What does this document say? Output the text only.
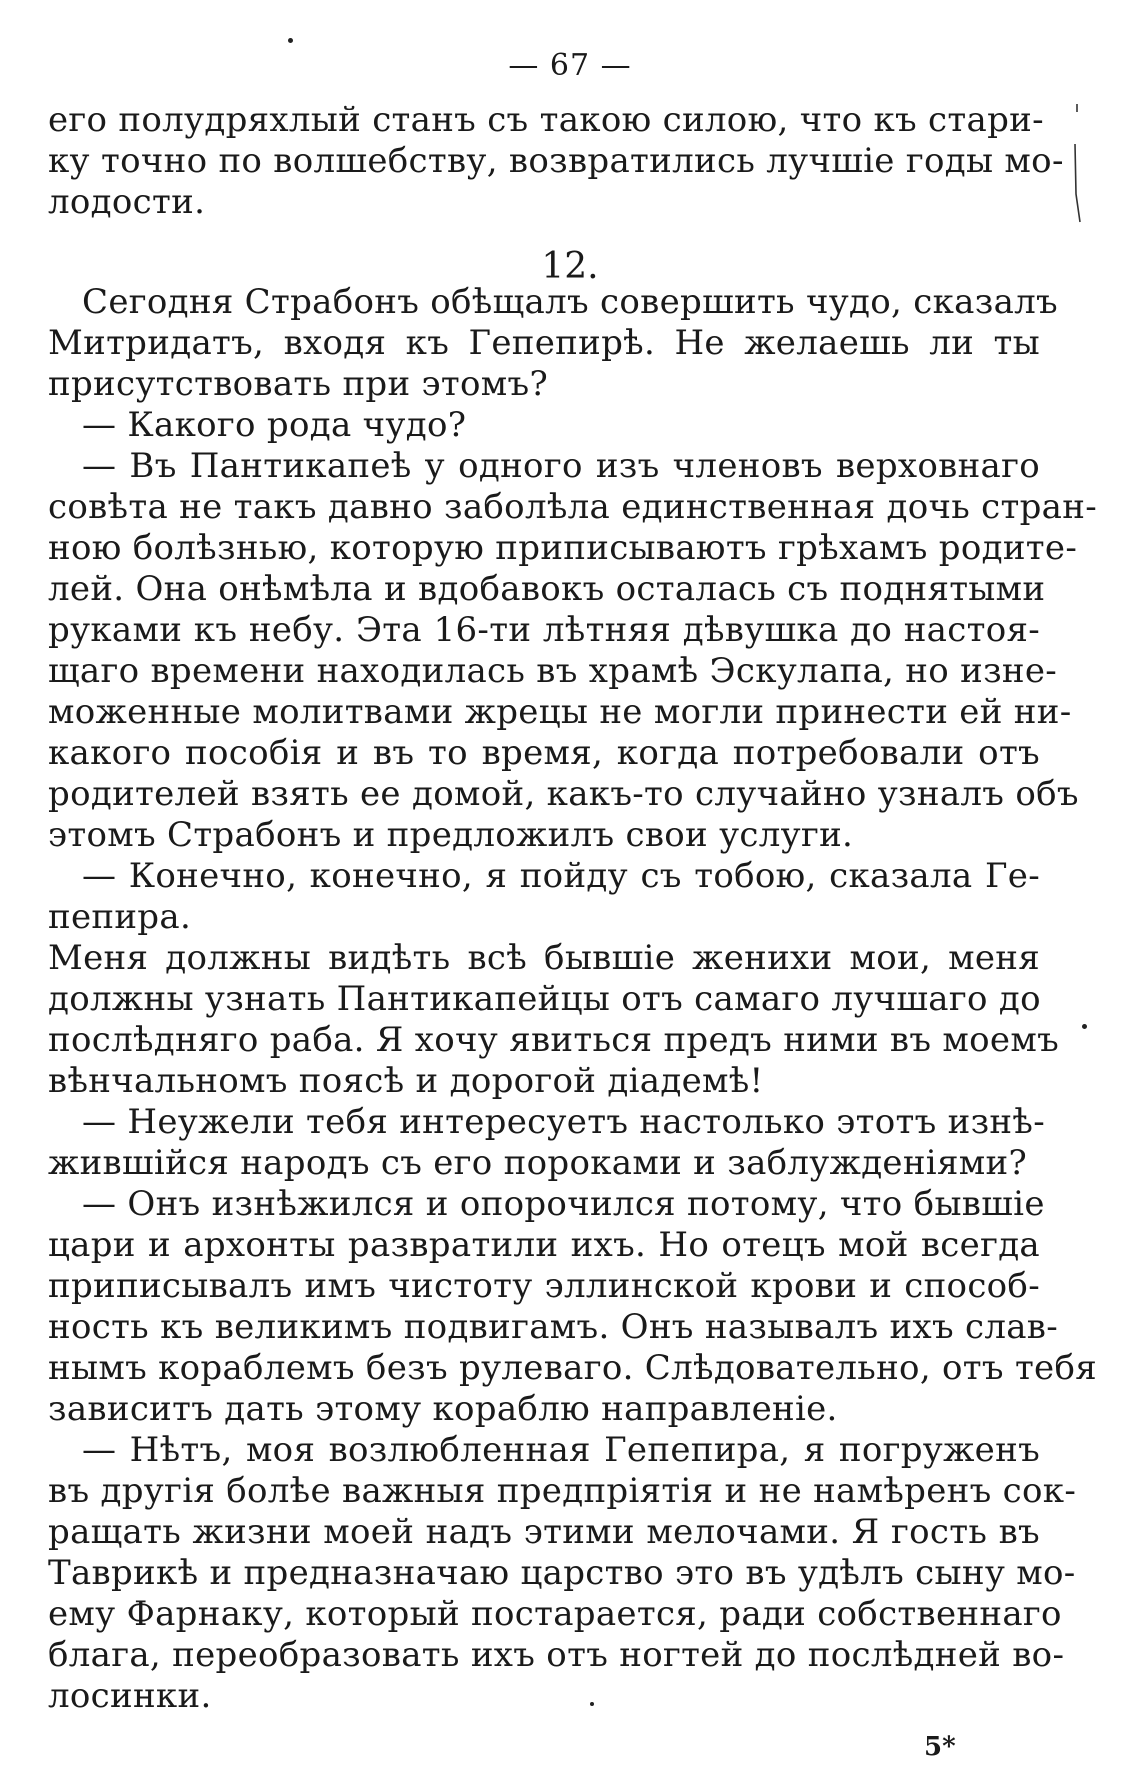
— 67 —
его полудряхлый станъ съ такою силою, что къ стари-
ку точно по волшебству, возвратились лучшіе годы мо-
лодости.
12.
Сегодня Страбонъ обѣщалъ совершить чудо, сказалъ
Митридатъ, входя къ Гепепирѣ. Не желаешь ли ты
присутствовать при этомъ?
— Какого рода чудо?
— Въ Пантикапеѣ у одного изъ членовъ верховнаго
совѣта не такъ давно заболѣла единственная дочь стран-
ною болѣзнью, которую приписываютъ грѣхамъ родите-
лей. Она онѣмѣла и вдобавокъ осталась съ поднятыми
руками къ небу. Эта 16-ти лѣтняя дѣвушка до настоя-
щаго времени находилась въ храмѣ Эскулапа, но изне-
моженные молитвами жрецы не могли принести ей ни-
какого пособія и въ то время, когда потребовали отъ
родителей взять ее домой, какъ-то случайно узналъ объ
этомъ Страбонъ и предложилъ свои услуги.
— Конечно, конечно, я пойду съ тобою, сказала Ге-
пепира.
Меня должны видѣть всѣ бывшіе женихи мои, меня
должны узнать Пантикапейцы отъ самаго лучшаго до
послѣдняго раба. Я хочу явиться предъ ними въ моемъ
вѣнчальномъ поясѣ и дорогой діадемѣ!
— Неужели тебя интересуетъ настолько этотъ изнѣ-
жившійся народъ съ его пороками и заблужденіями?
— Онъ изнѣжился и опорочился потому, что бывшіе
цари и архонты развратили ихъ. Но отецъ мой всегда
приписывалъ имъ чистоту эллинской крови и способ-
ность къ великимъ подвигамъ. Онъ называлъ ихъ слав-
нымъ кораблемъ безъ рулеваго. Слѣдовательно, отъ тебя
зависитъ дать этому кораблю направленіе.
— Нѣтъ, моя возлюбленная Гепепира, я погруженъ
въ другія болѣе важныя предпріятія и не намѣренъ сок-
ращать жизни моей надъ этими мелочами. Я гость въ
Таврикѣ и предназначаю царство это въ удѣлъ сыну мо-
ему Фарнаку, который постарается, ради собственнаго
блага, переобразовать ихъ отъ ногтей до послѣдней во-
лосинки.
5*
